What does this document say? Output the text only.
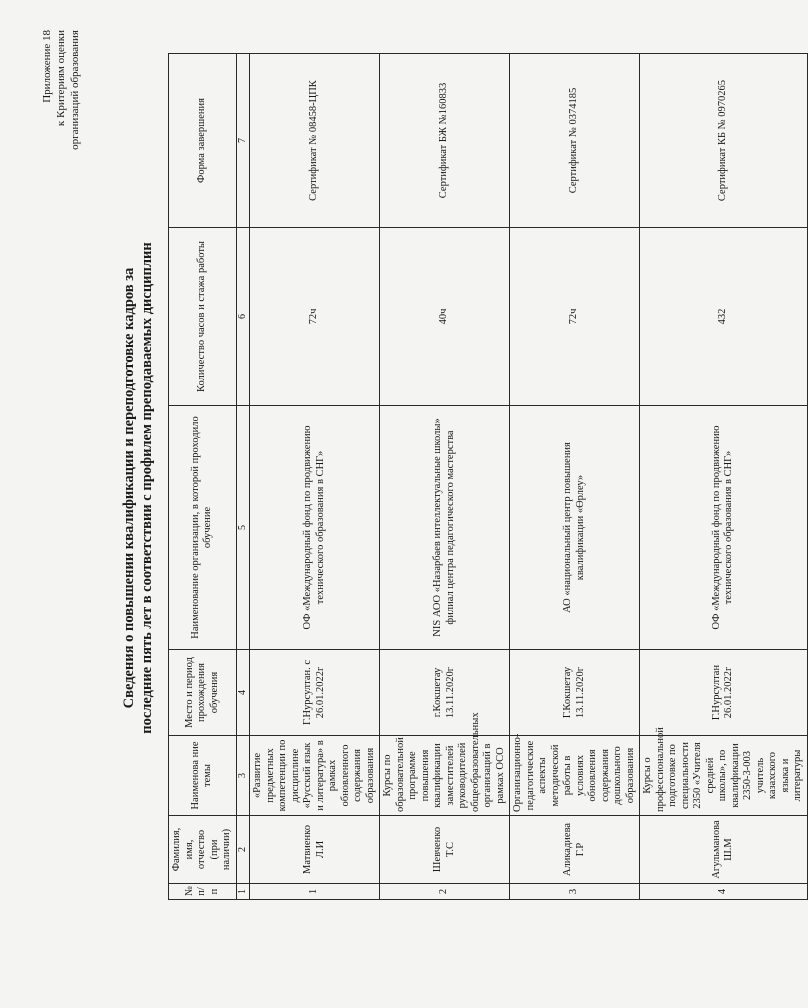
Приложение 18 к Критериям оценки организаций образования
Сведения о повышении квалификации и переподготовке кадров за последние пять лет в соответствии с профилем преподаваемых дисциплин
№ п/п	Фамилия, имя, отчество (при наличии)	Наименова ние темы	Место и период прохождения обучения	Наименование организации, в которой проходило обучение	Количество часов и стажа работы	Форма завершения
1	2	3	4	5	6	7
1	Матвиенко Л.И	«Развитие предметных компетенции по дисциплине «Русский язык и литература» в рамках обновленного содержания образования	Г.Нурсултан. с 26.01.2022г	ОФ «Международный фонд по продвижению технического образования в СНГ»	72ч	Сертификат № 08458-ЦПК
2	Шевченко Т.С	Курсы по образовательной программе повышения квалификации заместителей руководителей общеобразовательных организаций в рамках ОСО	г.Кокшетау 13.11.2020г	NIS АОО «Назарбаев интеллектуальные школы» филиал центра педагогического мастерства	40ч	Сертификат БЖ №160833
3	Аликадиева Г.Р	Организационно-педагогические аспекты методической работы в условиях обновления содержания дошкольного образования	Г.Кокшетау 13.11.2020г	АО «национальный центр повышения квалификации «Өрлеу»	72ч	Сертификат № 0374185
4	Агульманова Ш.М	Курсы о профессиональной подготовке по специальности 2350 «Учителя средней школы», по квалификации 2350-3-003 учитель казахского языка и литературы	Г.Нурсултан 26.01.2022г	ОФ «Международный фонд по продвижению технического образования в СНГ»	432	Сертификат КБ № 0970265
